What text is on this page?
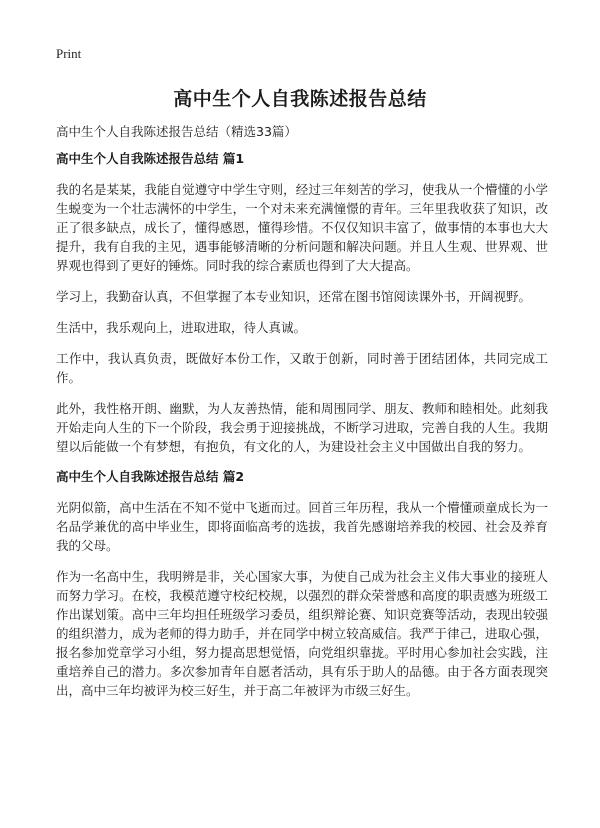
Print
高中生个人自我陈述报告总结

高中生个人自我陈述报告总结（精选33篇）

高中生个人自我陈述报告总结 篇1

我的名是某某，我能自觉遵守中学生守则，经过三年刻苦的学习，使我从一个懵懂的小学生蜕变为一个壮志满怀的中学生，一个对未来充满憧憬的青年。三年里我收获了知识，改正了很多缺点，成长了，懂得感恩，懂得珍惜。不仅仅知识丰富了，做事情的本事也大大提升，我有自我的主见，遇事能够清晰的分析问题和解决问题。并且人生观、世界观、世界观也得到了更好的锤炼。同时我的综合素质也得到了大大提高。

学习上，我勤奋认真，不但掌握了本专业知识，还常在图书馆阅读课外书，开阔视野。

生活中，我乐观向上，进取进取，待人真诚。

工作中，我认真负责，既做好本份工作，又敢于创新，同时善于团结团体，共同完成工作。

此外，我性格开朗、幽默，为人友善热情，能和周围同学、朋友、教师和睦相处。此刻我开始走向人生的下一个阶段，我会勇于迎接挑战，不断学习进取，完善自我的人生。我期望以后能做一个有梦想，有抱负，有文化的人，为建设社会主义中国做出自我的努力。

高中生个人自我陈述报告总结 篇2

光阴似箭，高中生活在不知不觉中飞逝而过。回首三年历程，我从一个懵懂顽童成长为一名品学兼优的高中毕业生，即将面临高考的选拔，我首先感谢培养我的校园、社会及养育我的父母。

作为一名高中生，我明辨是非，关心国家大事，为使自己成为社会主义伟大事业的接班人而努力学习。在校，我模范遵守校纪校规，以强烈的群众荣誉感和高度的职责感为班级工作出谋划策。高中三年均担任班级学习委员，组织辩论赛、知识竞赛等活动，表现出较强的组织潜力，成为老师的得力助手，并在同学中树立较高威信。我严于律己，进取心强，报名参加党章学习小组，努力提高思想觉悟，向党组织靠拢。平时用心参加社会实践，注重培养自己的潜力。多次参加青年自愿者活动，具有乐于助人的品德。由于各方面表现突出，高中三年均被评为校三好生，并于高二年被评为市级三好生。
